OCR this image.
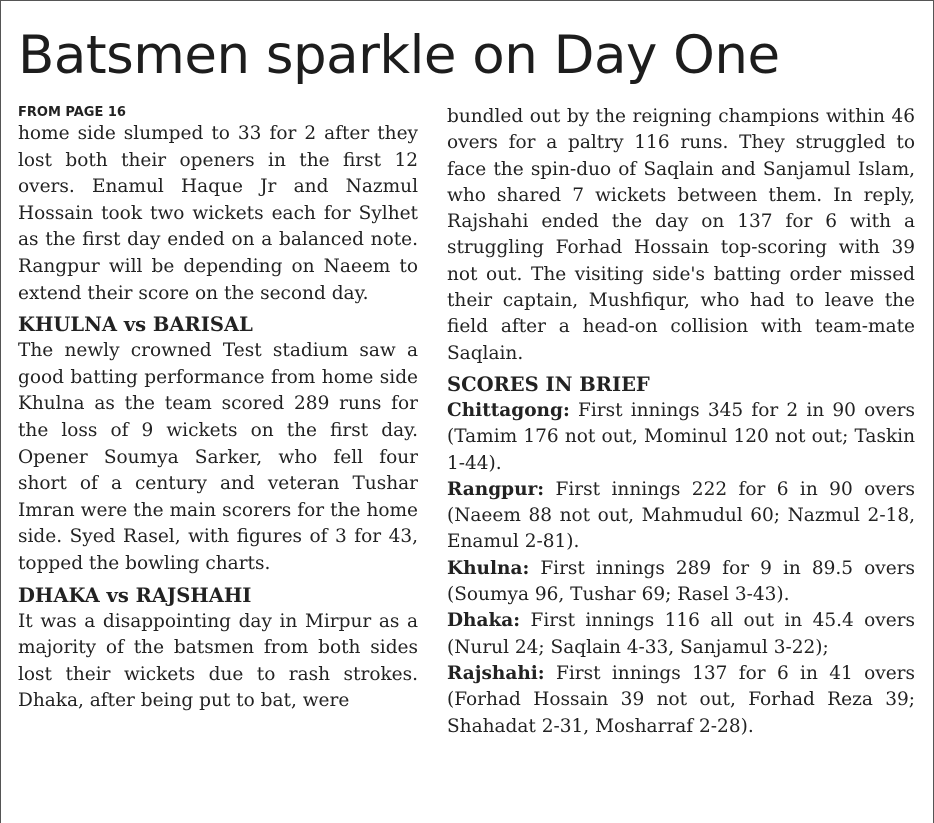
Batsmen sparkle on Day One
FROM PAGE 16

home side slumped to 33 for 2 after they lost both their openers in the first 12 overs. Enamul Haque Jr and Nazmul Hossain took two wickets each for Sylhet as the first day ended on a balanced note. Rangpur will be depending on Naeem to extend their score on the second day.

KHULNA vs BARISAL

The newly crowned Test stadium saw a good batting performance from home side Khulna as the team scored 289 runs for the loss of 9 wickets on the first day. Opener Soumya Sarker, who fell four short of a century and veteran Tushar Imran were the main scorers for the home side. Syed Rasel, with figures of 3 for 43, topped the bowling charts.

DHAKA vs RAJSHAHI

It was a disappointing day in Mirpur as a majority of the batsmen from both sides lost their wickets due to rash strokes. Dhaka, after being put to bat, were

bundled out by the reigning champions within 46 overs for a paltry 116 runs. They struggled to face the spin-duo of Saqlain and Sanjamul Islam, who shared 7 wickets between them. In reply, Rajshahi ended the day on 137 for 6 with a struggling Forhad Hossain top-scoring with 39 not out. The visiting side's batting order missed their captain, Mushfiqur, who had to leave the field after a head-on collision with team-mate Saqlain.

SCORES IN BRIEF

Chittagong: First innings 345 for 2 in 90 overs (Tamim 176 not out, Mominul 120 not out; Taskin 1-44).

Rangpur: First innings 222 for 6 in 90 overs (Naeem 88 not out, Mahmudul 60; Nazmul 2-18, Enamul 2-81).

Khulna: First innings 289 for 9 in 89.5 overs (Soumya 96, Tushar 69; Rasel 3-43).

Dhaka: First innings 116 all out in 45.4 overs (Nurul 24; Saqlain 4-33, Sanjamul 3-22);

Rajshahi: First innings 137 for 6 in 41 overs (Forhad Hossain 39 not out, Forhad Reza 39; Shahadat 2-31, Mosharraf 2-28).
